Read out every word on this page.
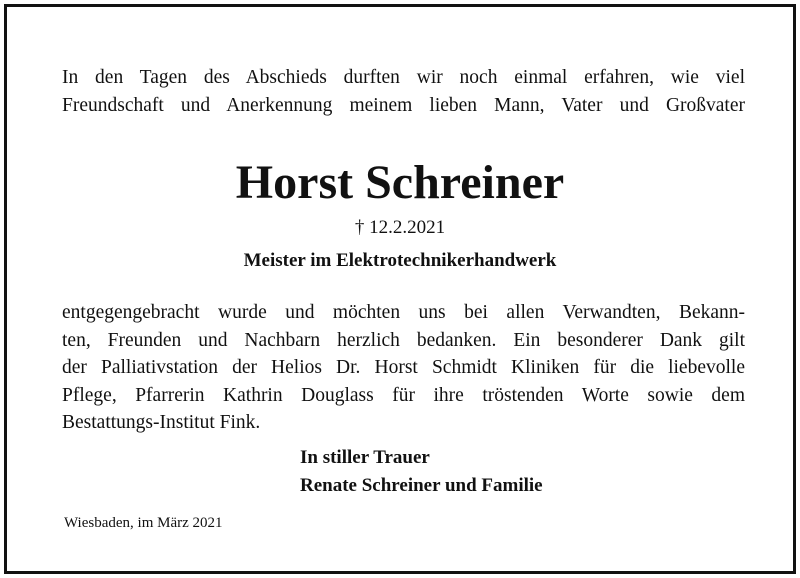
In den Tagen des Abschieds durften wir noch einmal erfahren, wie viel
Freundschaft und Anerkennung meinem lieben Mann, Vater und Großvater
Horst Schreiner
† 12.2.2021
Meister im Elektrotechnikerhandwerk
entgegengebracht wurde und möchten uns bei allen Verwandten, Bekann-
ten, Freunden und Nachbarn herzlich bedanken. Ein besonderer Dank gilt
der Palliativstation der Helios Dr. Horst Schmidt Kliniken für die liebevolle
Pflege, Pfarrerin Kathrin Douglass für ihre tröstenden Worte sowie dem
Bestattungs-Institut Fink.
In stiller Trauer
Renate Schreiner und Familie
Wiesbaden, im März 2021
